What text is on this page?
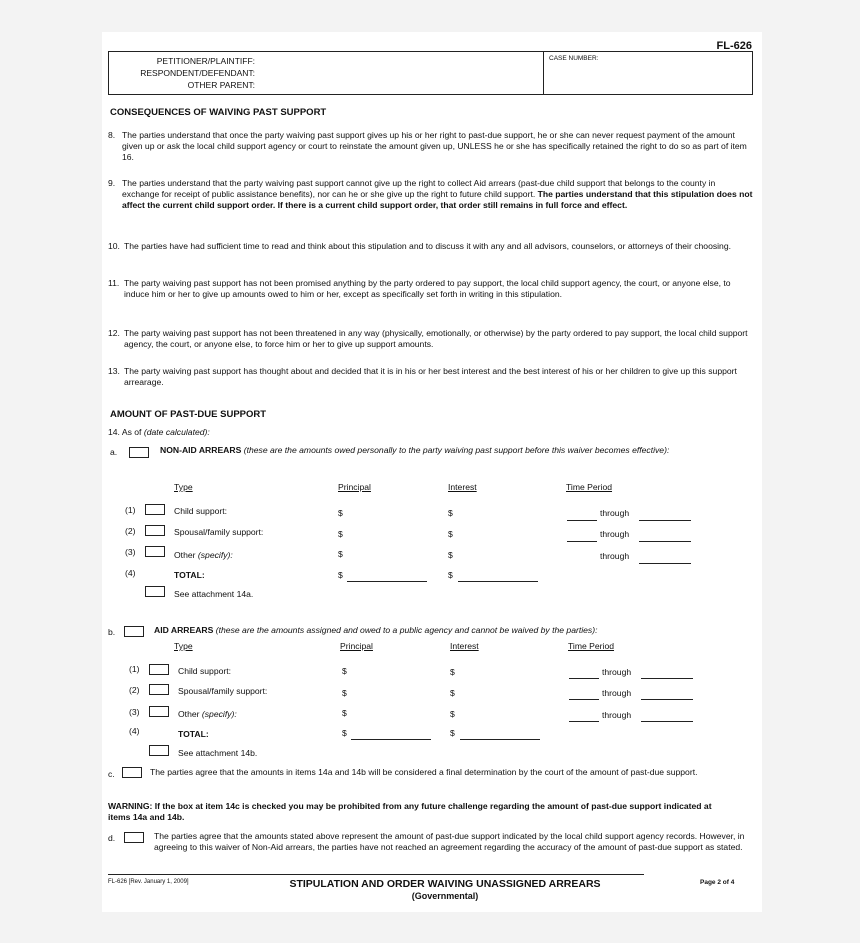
FL-626
PETITIONER/PLAINTIFF:
RESPONDENT/DEFENDANT:
OTHER PARENT:
CASE NUMBER:
CONSEQUENCES OF WAIVING PAST SUPPORT
8. The parties understand that once the party waiving past support gives up his or her right to past-due support, he or she can never request payment of the amount given up or ask the local child support agency or court to reinstate the amount given up, UNLESS he or she has specifically retained the right to do so as part of item 16.
9. The parties understand that the party waiving past support cannot give up the right to collect Aid arrears (past-due child support that belongs to the county in exchange for receipt of public assistance benefits), nor can he or she give up the right to future child support. The parties understand that this stipulation does not affect the current child support order. If there is a current child support order, that order still remains in full force and effect.
10. The parties have had sufficient time to read and think about this stipulation and to discuss it with any and all advisors, counselors, or attorneys of their choosing.
11. The party waiving past support has not been promised anything by the party ordered to pay support, the local child support agency, the court, or anyone else, to induce him or her to give up amounts owed to him or her, except as specifically set forth in writing in this stipulation.
12. The party waiving past support has not been threatened in any way (physically, emotionally, or otherwise) by the party ordered to pay support, the local child support agency, the court, or anyone else, to force him or her to give up support amounts.
13. The party waiving past support has thought about and decided that it is in his or her best interest and the best interest of his or her children to give up this support arrearage.
AMOUNT OF PAST-DUE SUPPORT
14. As of (date calculated):
a.	NON-AID ARREARS (these are the amounts owed personally to the party waiving past support before this waiver becomes effective):
Type	Principal	Interest	Time Period
(1)	Child support:	$	$	through
(2)	Spousal/family support:	$	$	through
(3)	Other (specify):	$	$	through
(4)	TOTAL:	$	$
See attachment 14a.
b.	AID ARREARS (these are the amounts assigned and owed to a public agency and cannot be waived by the parties):
Type	Principal	Interest	Time Period
(1)	Child support:	$	$	through
(2)	Spousal/family support:	$	$	through
(3)	Other (specify):	$	$	through
(4)	TOTAL:	$	$
See attachment 14b.
c.	The parties agree that the amounts in items 14a and 14b will be considered a final determination by the court of the amount of past-due support.
WARNING: If the box at item 14c is checked you may be prohibited from any future challenge regarding the amount of past-due support indicated at items 14a and 14b.
d.	The parties agree that the amounts stated above represent the amount of past-due support indicated by the local child support agency records. However, in agreeing to this waiver of Non-Aid arrears, the parties have not reached an agreement regarding the accuracy of the amount of past-due support as stated.
FL-626 [Rev. January 1, 2009]	STIPULATION AND ORDER WAIVING UNASSIGNED ARREARS
(Governmental)
Page 2 of 4
